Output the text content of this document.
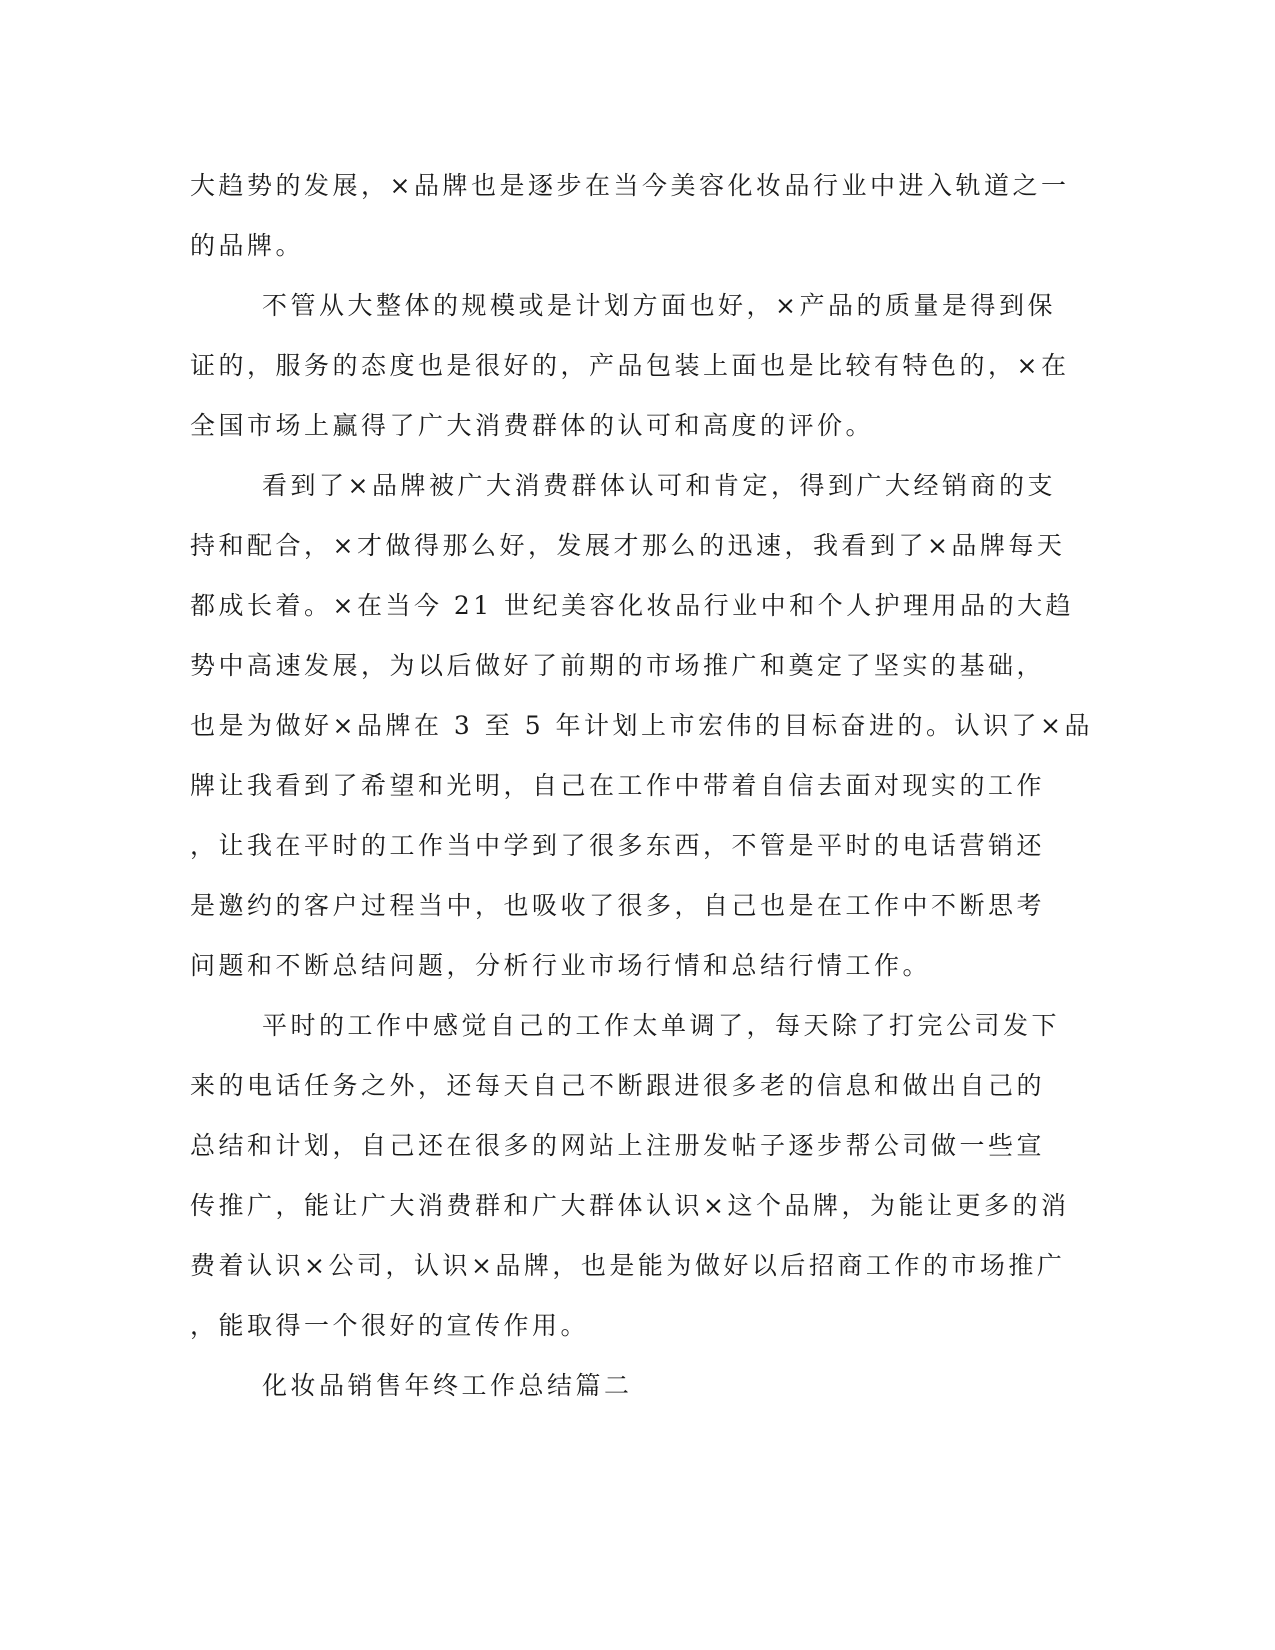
大趋势的发展，×品牌也是逐步在当今美容化妆品行业中进入轨道之一
的品牌。
不管从大整体的规模或是计划方面也好，×产品的质量是得到保
证的，服务的态度也是很好的，产品包装上面也是比较有特色的，×在
全国市场上赢得了广大消费群体的认可和高度的评价。
看到了×品牌被广大消费群体认可和肯定，得到广大经销商的支
持和配合，×才做得那么好，发展才那么的迅速，我看到了×品牌每天
都成长着。×在当今 21 世纪美容化妆品行业中和个人护理用品的大趋
势中高速发展，为以后做好了前期的市场推广和奠定了坚实的基础，
也是为做好×品牌在 3 至 5 年计划上市宏伟的目标奋进的。认识了×品
牌让我看到了希望和光明，自己在工作中带着自信去面对现实的工作
，让我在平时的工作当中学到了很多东西，不管是平时的电话营销还
是邀约的客户过程当中，也吸收了很多，自己也是在工作中不断思考
问题和不断总结问题，分析行业市场行情和总结行情工作。
平时的工作中感觉自己的工作太单调了，每天除了打完公司发下
来的电话任务之外，还每天自己不断跟进很多老的信息和做出自己的
总结和计划，自己还在很多的网站上注册发帖子逐步帮公司做一些宣
传推广，能让广大消费群和广大群体认识×这个品牌，为能让更多的消
费着认识×公司，认识×品牌，也是能为做好以后招商工作的市场推广
，能取得一个很好的宣传作用。
化妆品销售年终工作总结篇二
